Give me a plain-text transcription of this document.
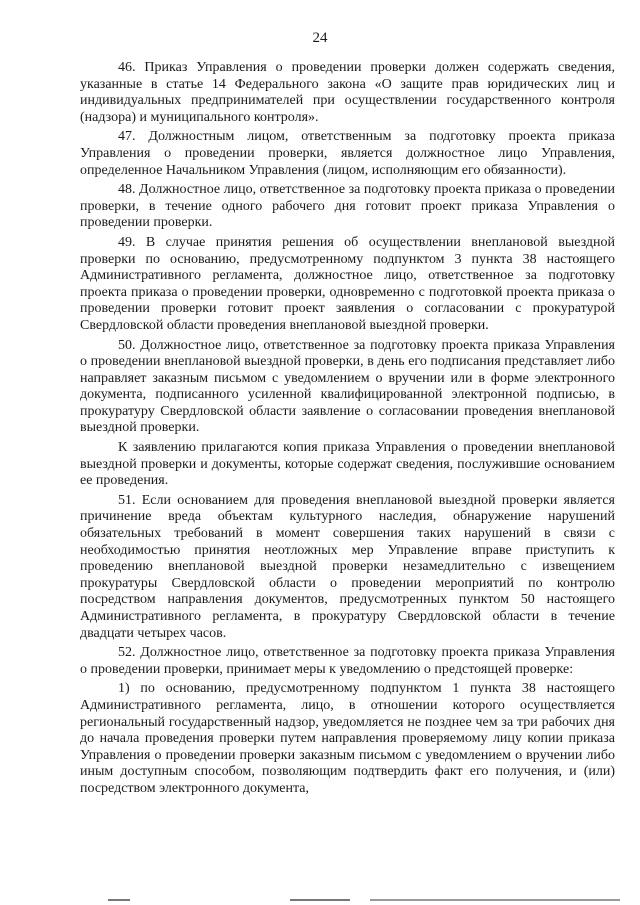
24

46. Приказ Управления о проведении проверки должен содержать сведения, указанные в статье 14 Федерального закона «О защите прав юридических лиц и индивидуальных предпринимателей при осуществлении государственного контроля (надзора) и муниципального контроля».

47. Должностным лицом, ответственным за подготовку проекта приказа Управления о проведении проверки, является должностное лицо Управления, определенное Начальником Управления (лицом, исполняющим его обязанности).

48. Должностное лицо, ответственное за подготовку проекта приказа о проведении проверки, в течение одного рабочего дня готовит проект приказа Управления о проведении проверки.

49. В случае принятия решения об осуществлении внеплановой выездной проверки по основанию, предусмотренному подпунктом 3 пункта 38 настоящего Административного регламента, должностное лицо, ответственное за подготовку проекта приказа о проведении проверки, одновременно с подготовкой проекта приказа о проведении проверки готовит проект заявления о согласовании с прокуратурой Свердловской области проведения внеплановой выездной проверки.

50. Должностное лицо, ответственное за подготовку проекта приказа Управления о проведении внеплановой выездной проверки, в день его подписания представляет либо направляет заказным письмом с уведомлением о вручении или в форме электронного документа, подписанного усиленной квалифицированной электронной подписью, в прокуратуру Свердловской области заявление о согласовании проведения внеплановой выездной проверки.

К заявлению прилагаются копия приказа Управления о проведении внеплановой выездной проверки и документы, которые содержат сведения, послужившие основанием ее проведения.

51. Если основанием для проведения внеплановой выездной проверки является причинение вреда объектам культурного наследия, обнаружение нарушений обязательных требований в момент совершения таких нарушений в связи с необходимостью принятия неотложных мер Управление вправе приступить к проведению внеплановой выездной проверки незамедлительно с извещением прокуратуры Свердловской области о проведении мероприятий по контролю посредством направления документов, предусмотренных пунктом 50 настоящего Административного регламента, в прокуратуру Свердловской области в течение двадцати четырех часов.

52. Должностное лицо, ответственное за подготовку проекта приказа Управления о проведении проверки, принимает меры к уведомлению о предстоящей проверке:

1) по основанию, предусмотренному подпунктом 1 пункта 38 настоящего Административного регламента, лицо, в отношении которого осуществляется региональный государственный надзор, уведомляется не позднее чем за три рабочих дня до начала проведения проверки путем направления проверяемому лицу копии приказа Управления о проведении проверки заказным письмом с уведомлением о вручении либо иным доступным способом, позволяющим подтвердить факт его получения, и (или) посредством электронного документа,
